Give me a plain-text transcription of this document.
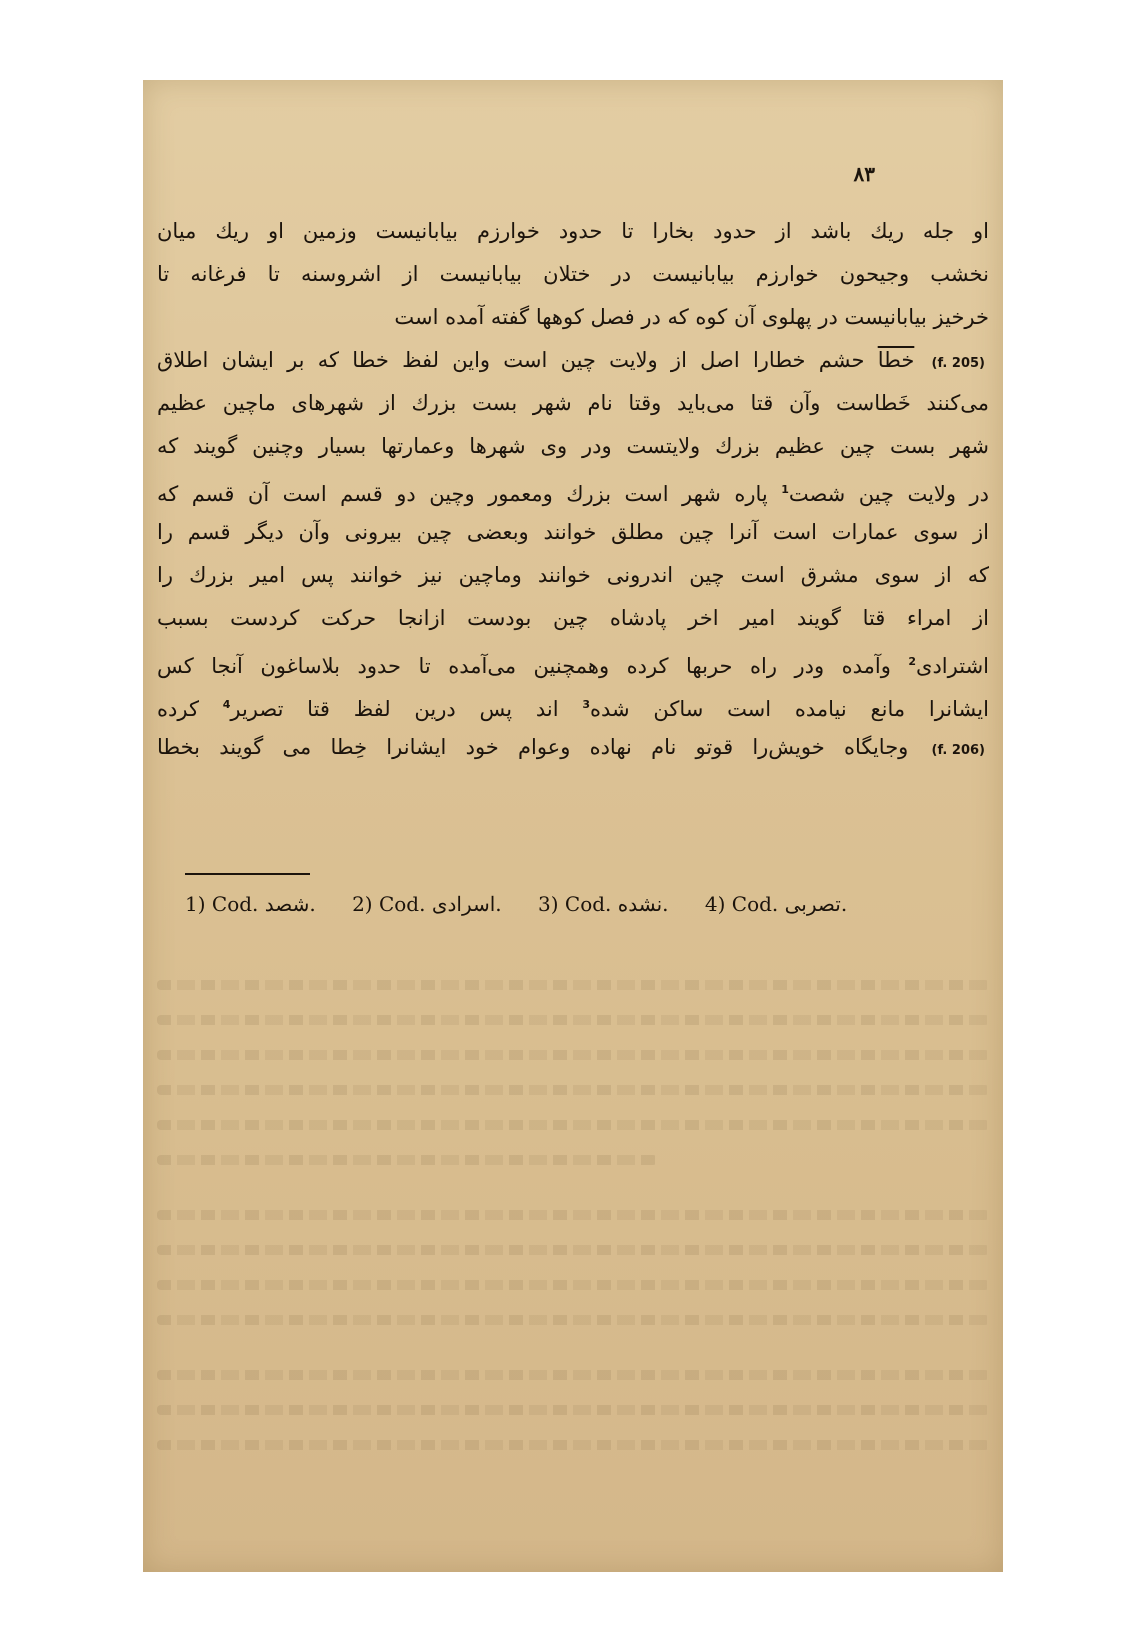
۸۳
او جله ریك باشد از حدود بخارا تا حدود خوارزم بیابانیست وزمین او ریك میان
نخشب وجیحون خوارزم بیابانیست در ختلان بیابانیست از اشروسنه تا فرغانه تا
خرخیز بیابانیست در پهلوی آن کوه که در فصل کوهها گفته آمده است
(f. 205) خطا حشم خطارا اصل از ولایت چین است واین لفظ خطا که بر ایشان اطلاق
می‌کنند خَطاست وآن قتا می‌باید وقتا نام شهر بست بزرك از شهرهای ماچین عظیم
شهر بست چین عظیم بزرك ولایتست ودر وی شهرها وعمارتها بسیار وچنین گویند که
در ولایت چین شصت$^1$ پاره شهر است بزرك ومعمور وچین دو قسم است آن قسم که
از سوی عمارات است آنرا چین مطلق خوانند وبعضی چین بیرونی وآن دیگر قسم را
که از سوی مشرق است چین اندرونی خوانند وماچین نیز خوانند پس امیر بزرك را
از امراء قتا گویند امیر اخر پادشاه چین بودست ازانجا حرکت کردست بسبب
اشترادی$^2$ وآمده ودر راه حربها کرده وهمچنین می‌آمده تا حدود بلاساغون آنجا کس
ایشانرا مانع نیامده است ساکن شده$^3$ اند پس درین لفظ قتا تصریر$^4$ کرده
(f. 206) وجایگاه خویش‌را قوتو نام نهاده وعوام خود ایشانرا خِطا می گویند بخطا
1) Cod. شصد. 2) Cod. اسرادی. 3) Cod. نشده. 4) Cod. تصربی.
